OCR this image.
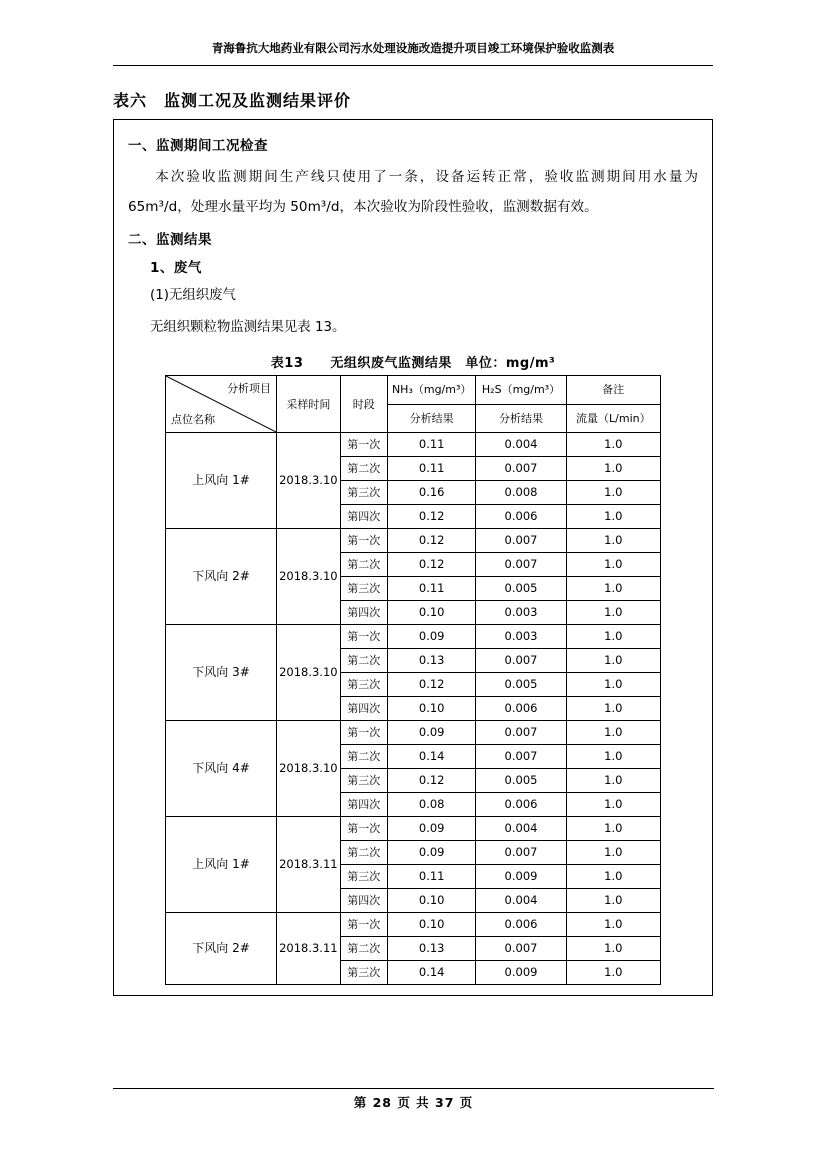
青海鲁抗大地药业有限公司污水处理设施改造提升项目竣工环境保护验收监测表
表六　监测工况及监测结果评价
一、监测期间工况检查
本次验收监测期间生产线只使用了一条，设备运转正常，验收监测期间用水量为 65m³/d，处理水量平均为 50m³/d，本次验收为阶段性验收，监测数据有效。
二、监测结果
1、废气
(1)无组织废气
无组织颗粒物监测结果见表 13。
表13　　无组织废气监测结果　单位：mg/m³
分析项目
点位名称	采样时间	时段	NH₃（mg/m³）	H₂S（mg/m³）	备注
			分析结果	分析结果	流量（L/min）
上风向 1#	2018.3.10	第一次	0.11	0.004	1.0
		第二次	0.11	0.007	1.0
		第三次	0.16	0.008	1.0
		第四次	0.12	0.006	1.0
下风向 2#	2018.3.10	第一次	0.12	0.007	1.0
		第二次	0.12	0.007	1.0
		第三次	0.11	0.005	1.0
		第四次	0.10	0.003	1.0
下风向 3#	2018.3.10	第一次	0.09	0.003	1.0
		第二次	0.13	0.007	1.0
		第三次	0.12	0.005	1.0
		第四次	0.10	0.006	1.0
下风向 4#	2018.3.10	第一次	0.09	0.007	1.0
		第二次	0.14	0.007	1.0
		第三次	0.12	0.005	1.0
		第四次	0.08	0.006	1.0
上风向 1#	2018.3.11	第一次	0.09	0.004	1.0
		第二次	0.09	0.007	1.0
		第三次	0.11	0.009	1.0
		第四次	0.10	0.004	1.0
下风向 2#	2018.3.11	第一次	0.10	0.006	1.0
		第二次	0.13	0.007	1.0
		第三次	0.14	0.009	1.0
第 28 页 共 37 页
